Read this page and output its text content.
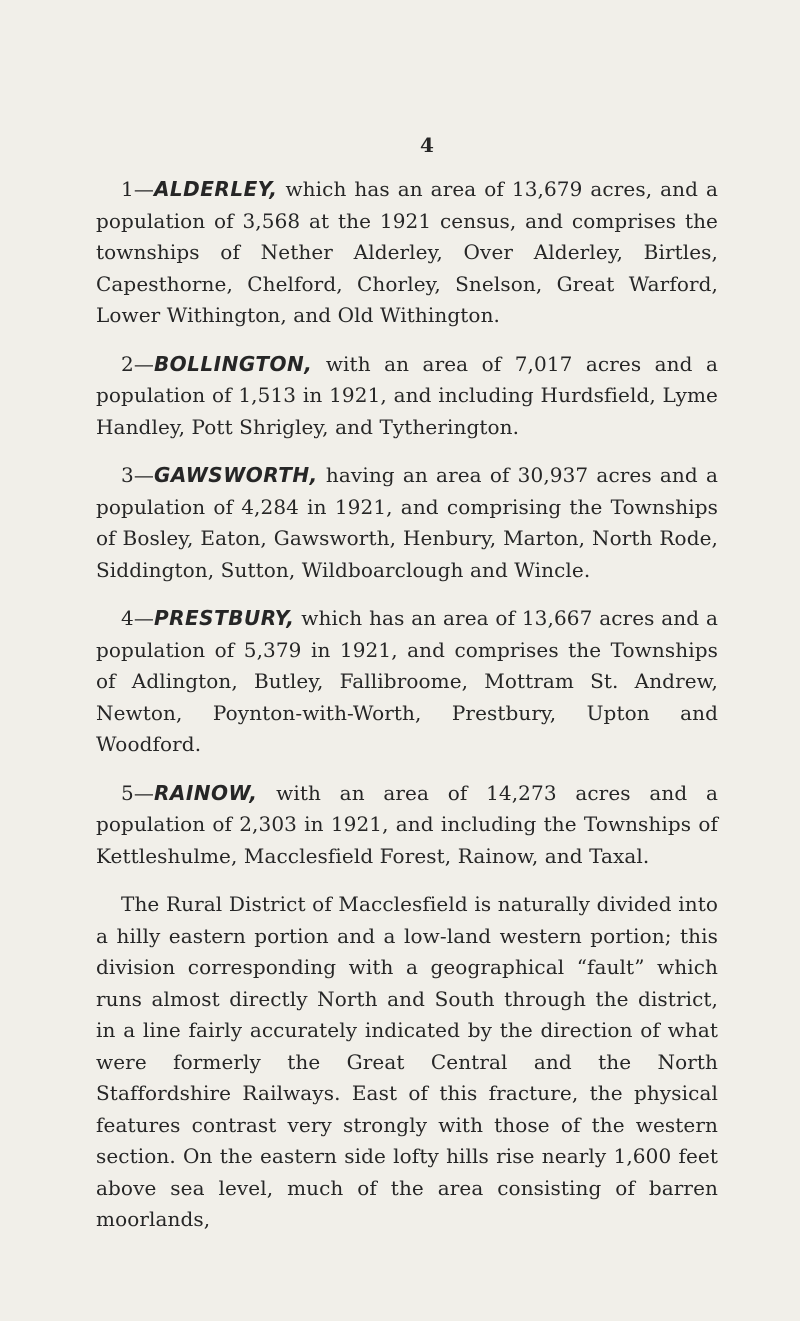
4

1—ALDERLEY, which has an area of 13,679 acres, and a population of 3,568 at the 1921 census, and comprises the townships of Nether Alderley, Over Alderley, Birtles, Capesthorne, Chelford, Chorley, Snelson, Great Warford, Lower Withington, and Old Withington.

2—BOLLINGTON, with an area of 7,017 acres and a population of 1,513 in 1921, and including Hurdsfield, Lyme Handley, Pott Shrigley, and Tytherington.

3—GAWSWORTH, having an area of 30,937 acres and a population of 4,284 in 1921, and comprising the Townships of Bosley, Eaton, Gawsworth, Henbury, Marton, North Rode, Siddington, Sutton, Wildboarclough and Wincle.

4—PRESTBURY, which has an area of 13,667 acres and a population of 5,379 in 1921, and comprises the Townships of Adlington, Butley, Fallibroome, Mottram St. Andrew, Newton, Poynton-with-Worth, Prestbury, Upton and Woodford.

5—RAINOW, with an area of 14,273 acres and a population of 2,303 in 1921, and including the Townships of Kettleshulme, Macclesfield Forest, Rainow, and Taxal.

The Rural District of Macclesfield is naturally divided into a hilly eastern portion and a low-land western portion; this division corresponding with a geographical “fault” which runs almost directly North and South through the district, in a line fairly accurately indicated by the direction of what were formerly the Great Central and the North Staffordshire Railways. East of this fracture, the physical features contrast very strongly with those of the western section. On the eastern side lofty hills rise nearly 1,600 feet above sea level, much of the area consisting of barren moorlands,
